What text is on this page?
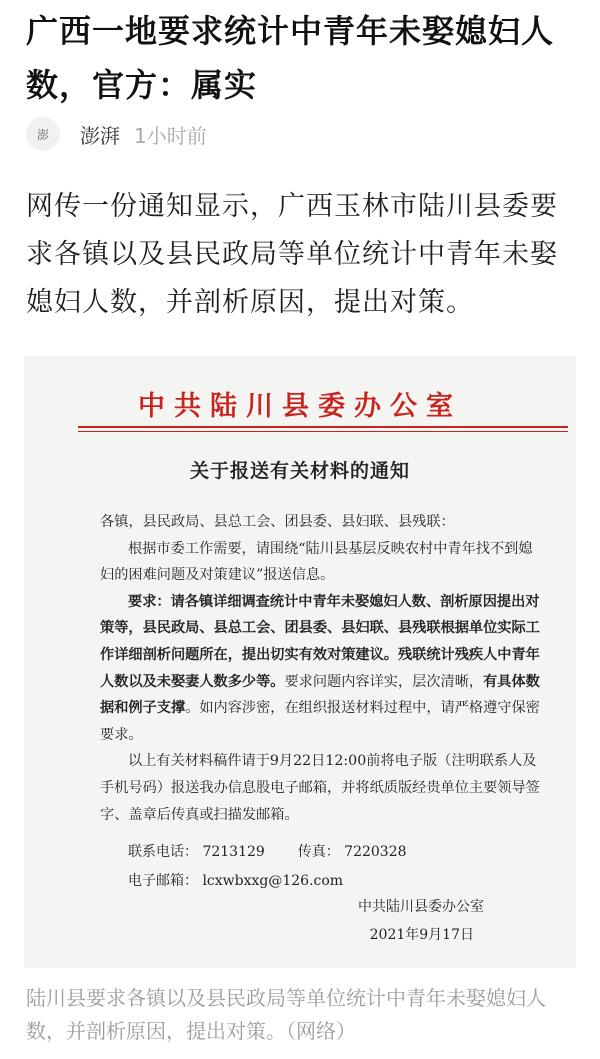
广西一地要求统计中青年未娶媳妇人数，官方：属实
澎	澎湃 1小时前
网传一份通知显示，广西玉林市陆川县委要求各镇以及县民政局等单位统计中青年未娶媳妇人数，并剖析原因，提出对策。
中共陆川县委办公室
关于报送有关材料的通知

各镇，县民政局、县总工会、团县委、县妇联、县残联：

根据市委工作需要，请围绕“陆川县基层反映农村中青年找不到媳妇的困难问题及对策建议”报送信息。

要求：请各镇详细调查统计中青年未娶媳妇人数、剖析原因提出对策等，县民政局、县总工会、团县委、县妇联、县残联根据单位实际工作详细剖析问题所在，提出切实有效对策建议。残联统计残疾人中青年人数以及未娶妻人数多少等。要求问题内容详实，层次清晰，有具体数据和例子支撑。如内容涉密，在组织报送材料过程中，请严格遵守保密要求。

以上有关材料稿件请于9月22日12:00前将电子版（注明联系人及手机号码）报送我办信息股电子邮箱，并将纸质版经贵单位主要领导签字、盖章后传真或扫描发邮箱。

联系电话： 7213129 传真： 7220328
电子邮箱： lcxwbxxg@126.com
中共陆川县委办公室
2021年9月17日
陆川县要求各镇以及县民政局等单位统计中青年未娶媳妇人数，并剖析原因，提出对策。（网络）
